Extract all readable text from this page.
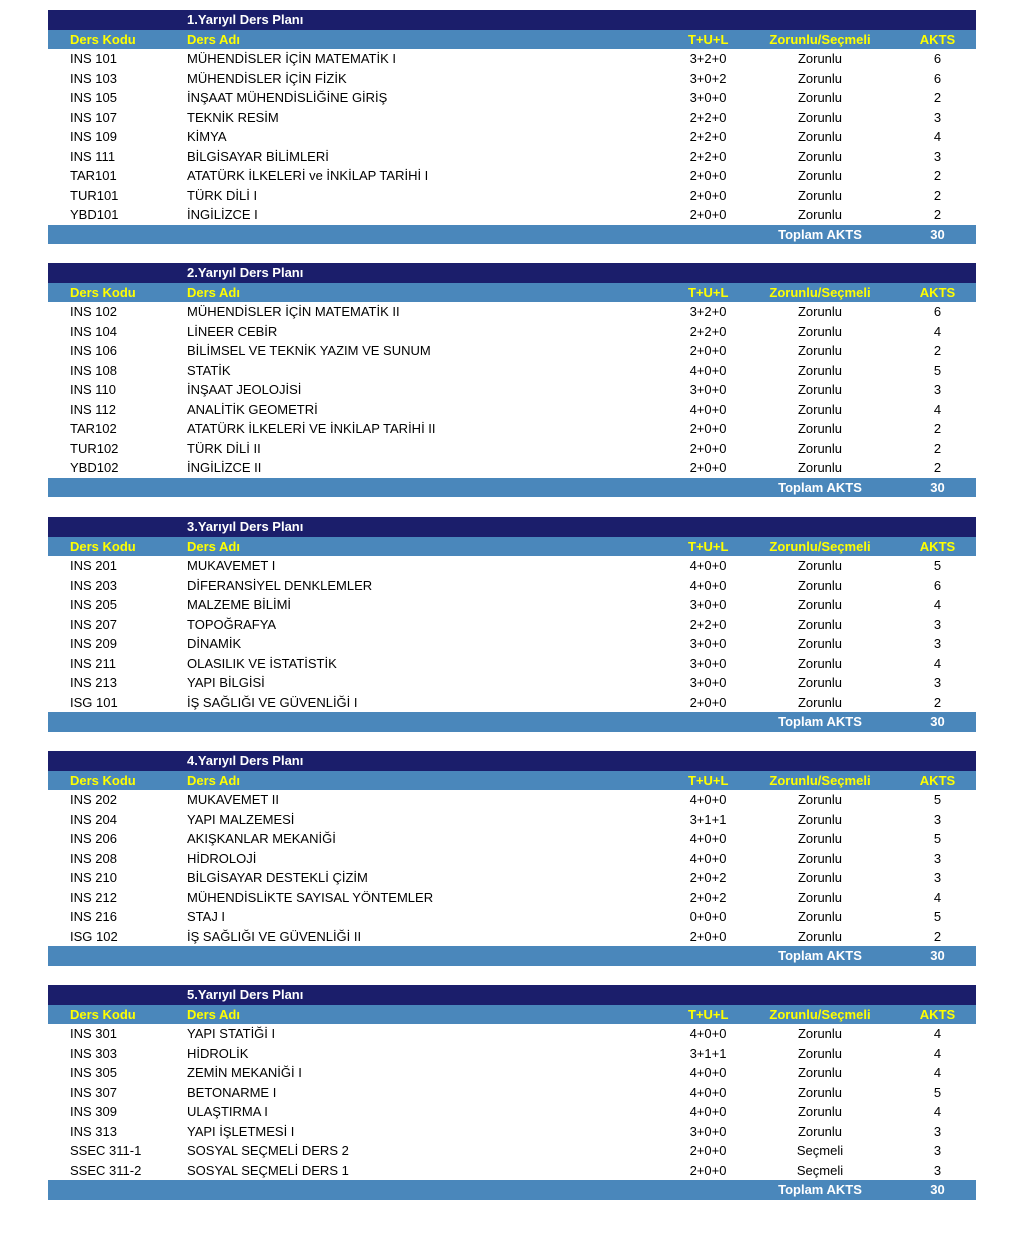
1.Yarıyıl Ders Planı
Ders Kodu	Ders Adı	T+U+L	Zorunlu/Seçmeli	AKTS
INS 101	MÜHENDİSLER İÇİN MATEMATİK I	3+2+0	Zorunlu	6
INS 103	MÜHENDİSLER İÇİN FİZİK	3+0+2	Zorunlu	6
INS 105	İNŞAAT MÜHENDİSLİĞİNE GİRİŞ	3+0+0	Zorunlu	2
INS 107	TEKNİK RESİM	2+2+0	Zorunlu	3
INS 109	KİMYA	2+2+0	Zorunlu	4
INS 111	BİLGİSAYAR BİLİMLERİ	2+2+0	Zorunlu	3
TAR101	ATATÜRK İLKELERİ ve İNKİLAP TARİHİ I	2+0+0	Zorunlu	2
TUR101	TÜRK DİLİ I	2+0+0	Zorunlu	2
YBD101	İNGİLİZCE I	2+0+0	Zorunlu	2
Toplam AKTS	30
2.Yarıyıl Ders Planı
Ders Kodu	Ders Adı	T+U+L	Zorunlu/Seçmeli	AKTS
INS 102	MÜHENDİSLER İÇİN MATEMATİK II	3+2+0	Zorunlu	6
INS 104	LİNEER CEBİR	2+2+0	Zorunlu	4
INS 106	BİLİMSEL VE TEKNİK YAZIM VE SUNUM	2+0+0	Zorunlu	2
INS 108	STATİK	4+0+0	Zorunlu	5
INS 110	İNŞAAT JEOLOJİSİ	3+0+0	Zorunlu	3
INS 112	ANALİTİK GEOMETRİ	4+0+0	Zorunlu	4
TAR102	ATATÜRK İLKELERİ VE İNKİLAP TARİHİ II	2+0+0	Zorunlu	2
TUR102	TÜRK DİLİ II	2+0+0	Zorunlu	2
YBD102	İNGİLİZCE II	2+0+0	Zorunlu	2
Toplam AKTS	30
3.Yarıyıl Ders Planı
Ders Kodu	Ders Adı	T+U+L	Zorunlu/Seçmeli	AKTS
INS 201	MUKAVEMET I	4+0+0	Zorunlu	5
INS 203	DİFERANSİYEL DENKLEMLER	4+0+0	Zorunlu	6
INS 205	MALZEME BİLİMİ	3+0+0	Zorunlu	4
INS 207	TOPOĞRAFYA	2+2+0	Zorunlu	3
INS 209	DİNAMİK	3+0+0	Zorunlu	3
INS 211	OLASILIK VE İSTATİSTİK	3+0+0	Zorunlu	4
INS 213	YAPI BİLGİSİ	3+0+0	Zorunlu	3
ISG 101	İŞ SAĞLIĞI VE GÜVENLİĞİ I	2+0+0	Zorunlu	2
Toplam AKTS	30
4.Yarıyıl Ders Planı
Ders Kodu	Ders Adı	T+U+L	Zorunlu/Seçmeli	AKTS
INS 202	MUKAVEMET II	4+0+0	Zorunlu	5
INS 204	YAPI MALZEMESİ	3+1+1	Zorunlu	3
INS 206	AKIŞKANLAR MEKANİĞİ	4+0+0	Zorunlu	5
INS 208	HİDROLOJİ	4+0+0	Zorunlu	3
INS 210	BİLGİSAYAR DESTEKLİ ÇİZİM	2+0+2	Zorunlu	3
INS 212	MÜHENDİSLİKTE SAYISAL YÖNTEMLER	2+0+2	Zorunlu	4
INS 216	STAJ I	0+0+0	Zorunlu	5
ISG 102	İŞ SAĞLIĞI VE GÜVENLİĞİ II	2+0+0	Zorunlu	2
Toplam AKTS	30
5.Yarıyıl Ders Planı
Ders Kodu	Ders Adı	T+U+L	Zorunlu/Seçmeli	AKTS
INS 301	YAPI STATİĞİ I	4+0+0	Zorunlu	4
INS 303	HİDROLİK	3+1+1	Zorunlu	4
INS 305	ZEMİN MEKANİĞİ I	4+0+0	Zorunlu	4
INS 307	BETONARME I	4+0+0	Zorunlu	5
INS 309	ULAŞTIRMA I	4+0+0	Zorunlu	4
INS 313	YAPI İŞLETMESİ I	3+0+0	Zorunlu	3
SSEC 311-1	SOSYAL SEÇMELİ DERS 2	2+0+0	Seçmeli	3
SSEC 311-2	SOSYAL SEÇMELİ DERS 1	2+0+0	Seçmeli	3
Toplam AKTS	30
